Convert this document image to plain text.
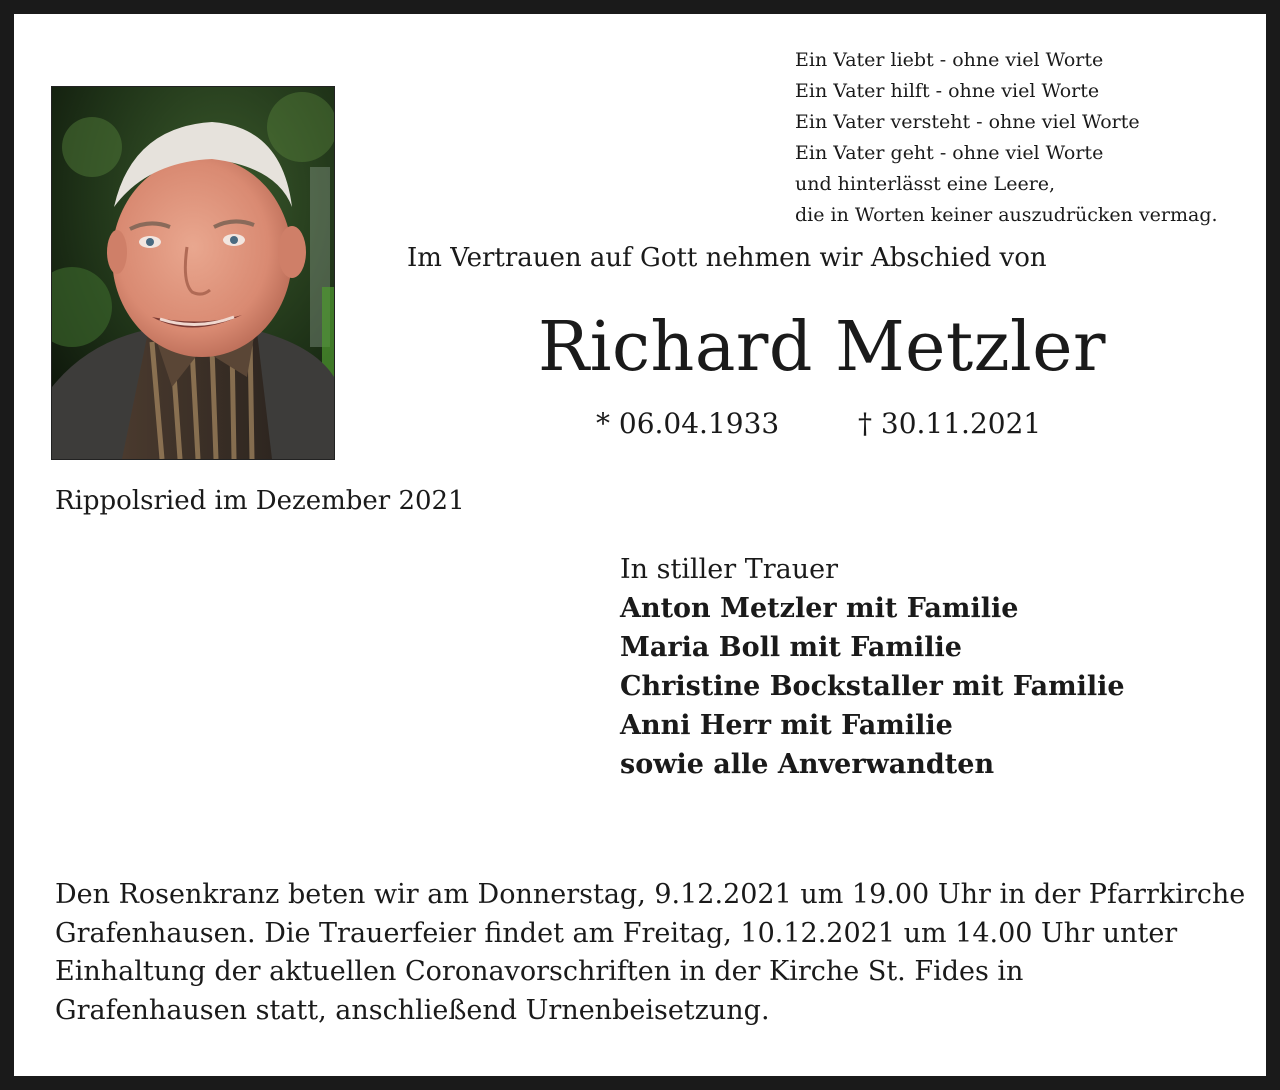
Ein Vater liebt - ohne viel Worte
Ein Vater hilft - ohne viel Worte
Ein Vater versteht - ohne viel Worte
Ein Vater geht - ohne viel Worte
und hinterlässt eine Leere,
die in Worten keiner auszudrücken vermag.
Im Vertrauen auf Gott nehmen wir Abschied von
Richard Metzler
* 06.04.1933	† 30.11.2021
Rippolsried im Dezember 2021
In stiller Trauer
Anton Metzler mit Familie
Maria Boll mit Familie
Christine Bockstaller mit Familie
Anni Herr mit Familie
sowie alle Anverwandten
Den Rosenkranz beten wir am Donnerstag, 9.12.2021 um 19.00 Uhr in der Pfarrkirche
Grafenhausen. Die Trauerfeier findet am Freitag, 10.12.2021 um 14.00 Uhr unter
Einhaltung der aktuellen Coronavorschriften in der Kirche St. Fides in
Grafenhausen statt, anschließend Urnenbeisetzung.
